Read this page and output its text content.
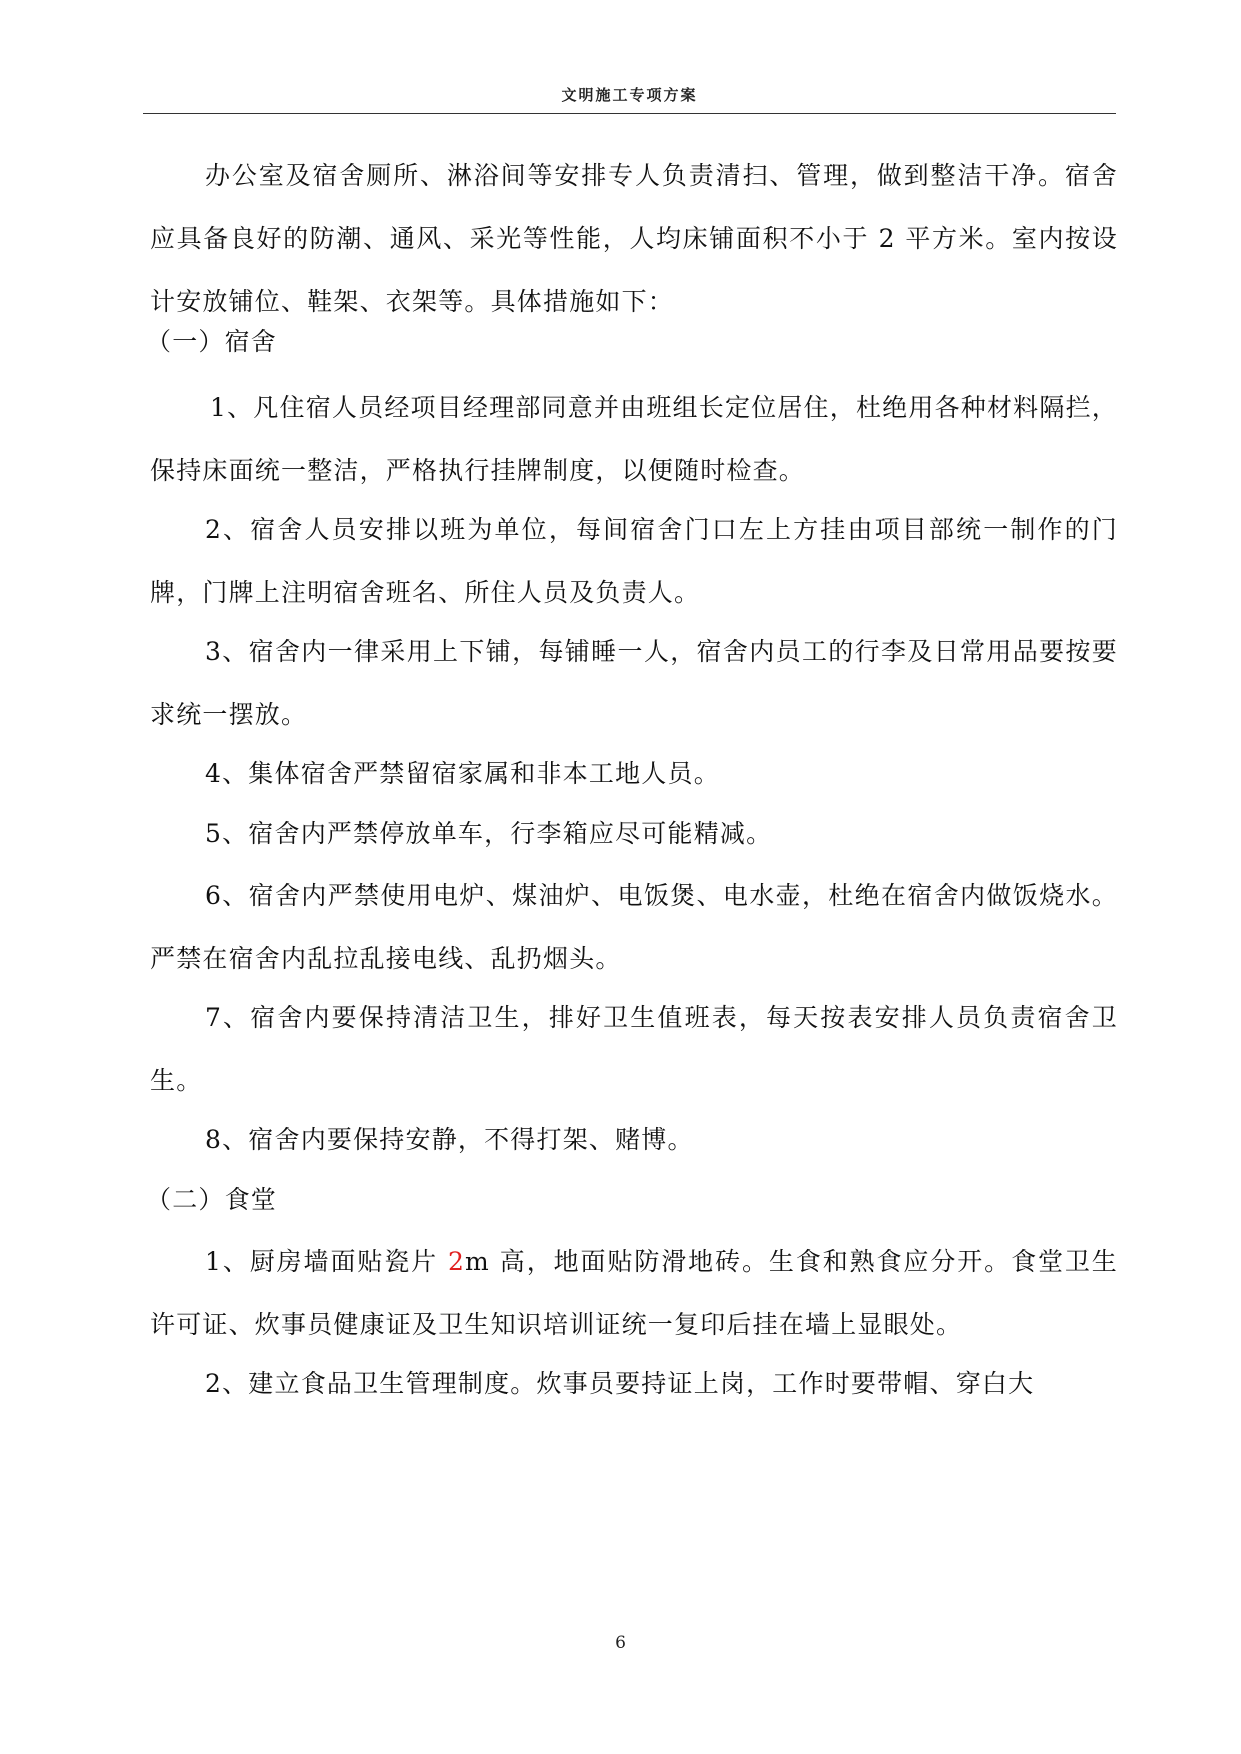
文明施工专项方案

办公室及宿舍厕所、淋浴间等安排专人负责清扫、管理，做到整洁干净。宿舍应具备良好的防潮、通风、采光等性能，人均床铺面积不小于 2 平方米。室内按设计安放铺位、鞋架、衣架等。具体措施如下：

（一）宿舍

1、凡住宿人员经项目经理部同意并由班组长定位居住，杜绝用各种材料隔拦，保持床面统一整洁，严格执行挂牌制度，以便随时检查。

2、宿舍人员安排以班为单位，每间宿舍门口左上方挂由项目部统一制作的门牌，门牌上注明宿舍班名、所住人员及负责人。

3、宿舍内一律采用上下铺，每铺睡一人，宿舍内员工的行李及日常用品要按要求统一摆放。

4、集体宿舍严禁留宿家属和非本工地人员。

5、宿舍内严禁停放单车，行李箱应尽可能精减。

6、宿舍内严禁使用电炉、煤油炉、电饭煲、电水壶，杜绝在宿舍内做饭烧水。严禁在宿舍内乱拉乱接电线、乱扔烟头。

7、宿舍内要保持清洁卫生，排好卫生值班表，每天按表安排人员负责宿舍卫生。

8、宿舍内要保持安静，不得打架、赌博。

（二）食堂

1、厨房墙面贴瓷片 2m 高，地面贴防滑地砖。生食和熟食应分开。食堂卫生许可证、炊事员健康证及卫生知识培训证统一复印后挂在墙上显眼处。

2、建立食品卫生管理制度。炊事员要持证上岗，工作时要带帽、穿白大

6
